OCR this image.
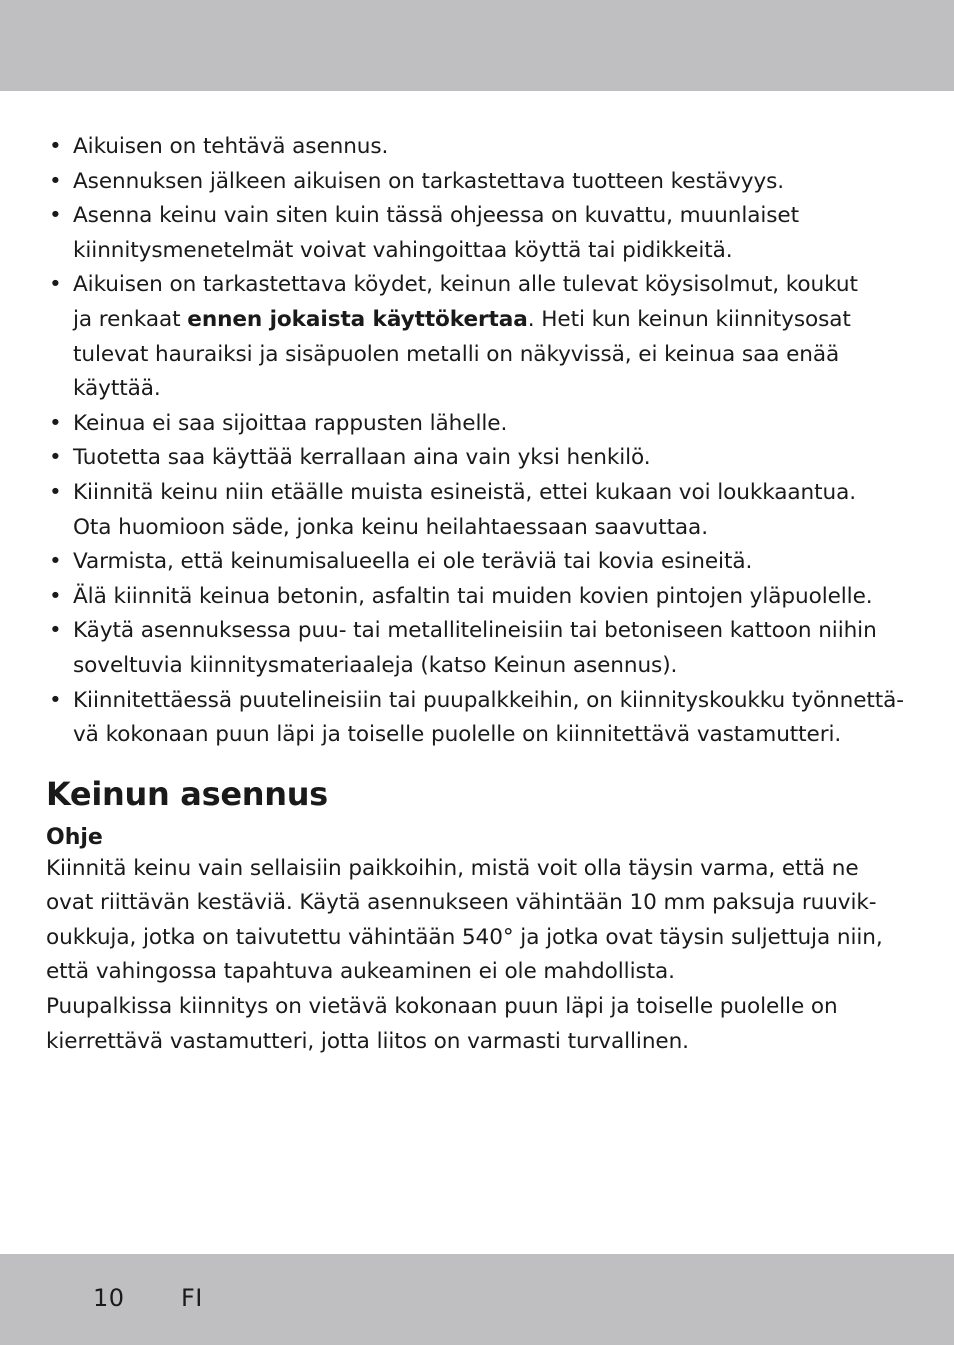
• Aikuisen on tehtävä asennus.
• Asennuksen jälkeen aikuisen on tarkastettava tuotteen kestävyys.
• Asenna keinu vain siten kuin tässä ohjeessa on kuvattu, muunlaiset
kiinnitysmenetelmät voivat vahingoittaa köyttä tai pidikkeitä.
• Aikuisen on tarkastettava köydet, keinun alle tulevat köysisolmut, koukut
ja renkaat ennen jokaista käyttökertaa. Heti kun keinun kiinnitysosat
tulevat hauraiksi ja sisäpuolen metalli on näkyvissä, ei keinua saa enää
käyttää.
• Keinua ei saa sijoittaa rappusten lähelle.
• Tuotetta saa käyttää kerrallaan aina vain yksi henkilö.
• Kiinnitä keinu niin etäälle muista esineistä, ettei kukaan voi loukkaantua.
Ota huomioon säde, jonka keinu heilahtaessaan saavuttaa.
• Varmista, että keinumisalueella ei ole teräviä tai kovia esineitä.
• Älä kiinnitä keinua betonin, asfaltin tai muiden kovien pintojen yläpuolelle.
• Käytä asennuksessa puu- tai metallitelineisiin tai betoniseen kattoon niihin
soveltuvia kiinnitysmateriaaleja (katso Keinun asennus).
• Kiinnitettäessä puutelineisiin tai puupalkkeihin, on kiinnityskoukku työnnettä-
vä kokonaan puun läpi ja toiselle puolelle on kiinnitettävä vastamutteri.
Keinun asennus
Ohje
Kiinnitä keinu vain sellaisiin paikkoihin, mistä voit olla täysin varma, että ne
ovat riittävän kestäviä. Käytä asennukseen vähintään 10 mm paksuja ruuvik-
oukkuja, jotka on taivutettu vähintään 540° ja jotka ovat täysin suljettuja niin,
että vahingossa tapahtuva aukeaminen ei ole mahdollista.
Puupalkissa kiinnitys on vietävä kokonaan puun läpi ja toiselle puolelle on
kierrettävä vastamutteri, jotta liitos on varmasti turvallinen.
10 FI
